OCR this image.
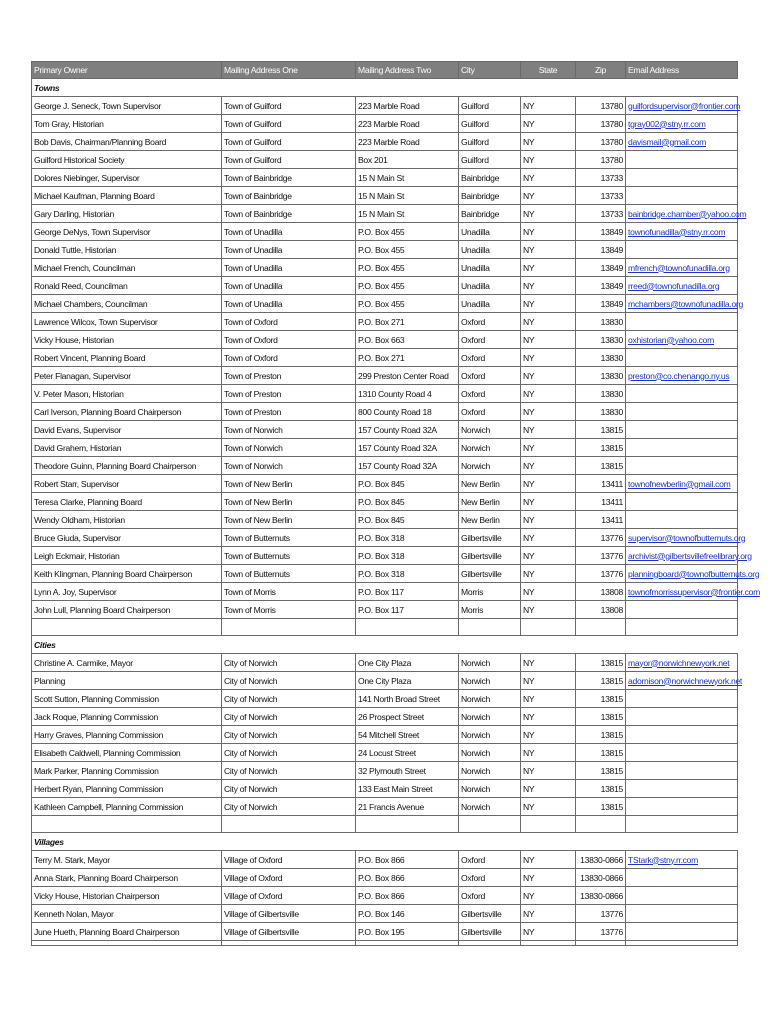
Primary Owner	Mailing Address One	Mailing Address Two	City	State	Zip	Email Address
Towns						
George J. Seneck, Town Supervisor	Town of Guilford	223 Marble Road	Guilford	NY	13780	guilfordsupervisor@frontier.com
Tom Gray, Historian	Town of Guilford	223 Marble Road	Guilford	NY	13780	tgray002@stny.rr.com
Bob Davis, Chairman/Planning Board	Town of Guilford	223 Marble Road	Guilford	NY	13780	davismail@gmail.com
Guilford Historical Society	Town of Guilford	Box 201	Guilford	NY	13780	
Dolores Niebinger, Supervisor	Town of Bainbridge	15 N Main St	Bainbridge	NY	13733	
Michael Kaufman, Planning Board	Town of Bainbridge	15 N Main St	Bainbridge	NY	13733	
Gary Darling, Historian	Town of Bainbridge	15 N Main St	Bainbridge	NY	13733	bainbridge.chamber@yahoo.com
George DeNys, Town Supervisor	Town of Unadilla	P.O. Box 455	Unadilla	NY	13849	townofunadilla@stny.rr.com
Donald Tuttle, Historian	Town of Unadilla	P.O. Box 455	Unadilla	NY	13849	
Michael French, Councilman	Town of Unadilla	P.O. Box 455	Unadilla	NY	13849	mfrench@townofunadilla.org
Ronald Reed, Councilman	Town of Unadilla	P.O. Box 455	Unadilla	NY	13849	rreed@townofunadilla.org
Michael Chambers, Councilman	Town of Unadilla	P.O. Box 455	Unadilla	NY	13849	mchambers@townofunadilla.org
Lawrence Wilcox, Town Supervisor	Town of Oxford	P.O. Box 271	Oxford	NY	13830	
Vicky House, Historian	Town of Oxford	P.O. Box 663	Oxford	NY	13830	oxhistorian@yahoo.com
Robert Vincent, Planning Board	Town of Oxford	P.O. Box 271	Oxford	NY	13830	
Peter Flanagan, Supervisor	Town of Preston	299 Preston Center Road	Oxford	NY	13830	preston@co.chenango.ny.us
V. Peter Mason, Historian	Town of Preston	1310 County Road 4	Oxford	NY	13830	
Carl Iverson, Planning Board Chairperson	Town of Preston	800 County Road 18	Oxford	NY	13830	
David Evans, Supervisor	Town of Norwich	157 County Road 32A	Norwich	NY	13815	
David Grahem, Historian	Town of Norwich	157 County Road 32A	Norwich	NY	13815	
Theodore Guinn, Planning Board Chairperson	Town of Norwich	157 County Road 32A	Norwich	NY	13815	
Robert Starr, Supervisor	Town of New Berlin	P.O. Box 845	New Berlin	NY	13411	townofnewberlin@gmail.com
Teresa Clarke, Planning Board	Town of New Berlin	P.O. Box 845	New Berlin	NY	13411	
Wendy Oldham, Historian	Town of New Berlin	P.O. Box 845	New Berlin	NY	13411	
Bruce Giuda, Supervisor	Town of Butternuts	P.O. Box 318	Gilbertsville	NY	13776	supervisor@townofbutternuts.org
Leigh Eckmair, Historian	Town of Butternuts	P.O. Box 318	Gilbertsville	NY	13776	archivist@gilbertsvillefreelibrary.org
Keith Klingman, Planning Board Chairperson	Town of Butternuts	P.O. Box 318	Gilbertsville	NY	13776	planningboard@townofbutternuts.org
Lynn A. Joy, Supervisor	Town of Morris	P.O. Box 117	Morris	NY	13808	townofmorrissupervisor@frontier.com
John Lull, Planning Board Chairperson	Town of Morris	P.O. Box 117	Morris	NY	13808	

Cities						
Christine A. Carmike, Mayor	City of Norwich	One City Plaza	Norwich	NY	13815	mayor@norwichnewyork.net
Planning	City of Norwich	One City Plaza	Norwich	NY	13815	adornison@norwichnewyork.net
Scott Sutton, Planning Commission	City of Norwich	141 North Broad Street	Norwich	NY	13815	
Jack Roque, Planning Commission	City of Norwich	26 Prospect Street	Norwich	NY	13815	
Harry Graves, Planning Commission	City of Norwich	54 Mitchell Street	Norwich	NY	13815	
Elisabeth Caldwell, Planning Commission	City of Norwich	24 Locust Street	Norwich	NY	13815	
Mark Parker, Planning Commission	City of Norwich	32 Plymouth Street	Norwich	NY	13815	
Herbert Ryan, Planning Commission	City of Norwich	133 East Main Street	Norwich	NY	13815	
Kathleen Campbell, Planning Commission	City of Norwich	21 Francis Avenue	Norwich	NY	13815	

Villages						
Terry M. Stark, Mayor	Village of Oxford	P.O. Box 866	Oxford	NY	13830-0866	TStark@stny.rr.com
Anna Stark, Planning Board Chairperson	Village of Oxford	P.O. Box 866	Oxford	NY	13830-0866	
Vicky House, Historian Chairperson	Village of Oxford	P.O. Box 866	Oxford	NY	13830-0866	
Kenneth Nolan, Mayor	Village of Gilbertsville	P.O. Box 146	Gilbertsville	NY	13776	
June Hueth, Planning Board Chairperson	Village of Gilbertsville	P.O. Box 195	Gilbertsville	NY	13776	
